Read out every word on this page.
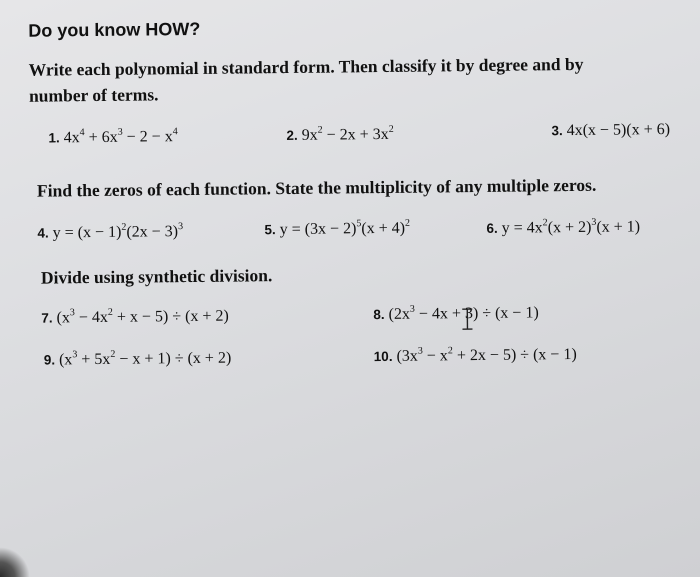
Do you know HOW?
Write each polynomial in standard form. Then classify it by degree and by
number of terms.
1. $4x^4 + 6x^3 - 2 - x^4$	2. $9x^2 - 2x + 3x^2$	3. 4x(x − 5)(x + 6)
Find the zeros of each function. State the multiplicity of any multiple zeros.
4. $y = (x - 1)^2(2x - 3)^3$	5. $y = (3x - 2)^5(x + 4)^2$	6. $y = 4x^2(x + 2)^3(x + 1)$
Divide using synthetic division.
7. $(x^3 - 4x^2 + x - 5) \div (x + 2)$	8. $(2x^3 - 4x + 3) \div (x - 1)$
9. $(x^3 + 5x^2 - x + 1) \div (x + 2)$	10. $(3x^3 - x^2 + 2x - 5) \div (x - 1)$
